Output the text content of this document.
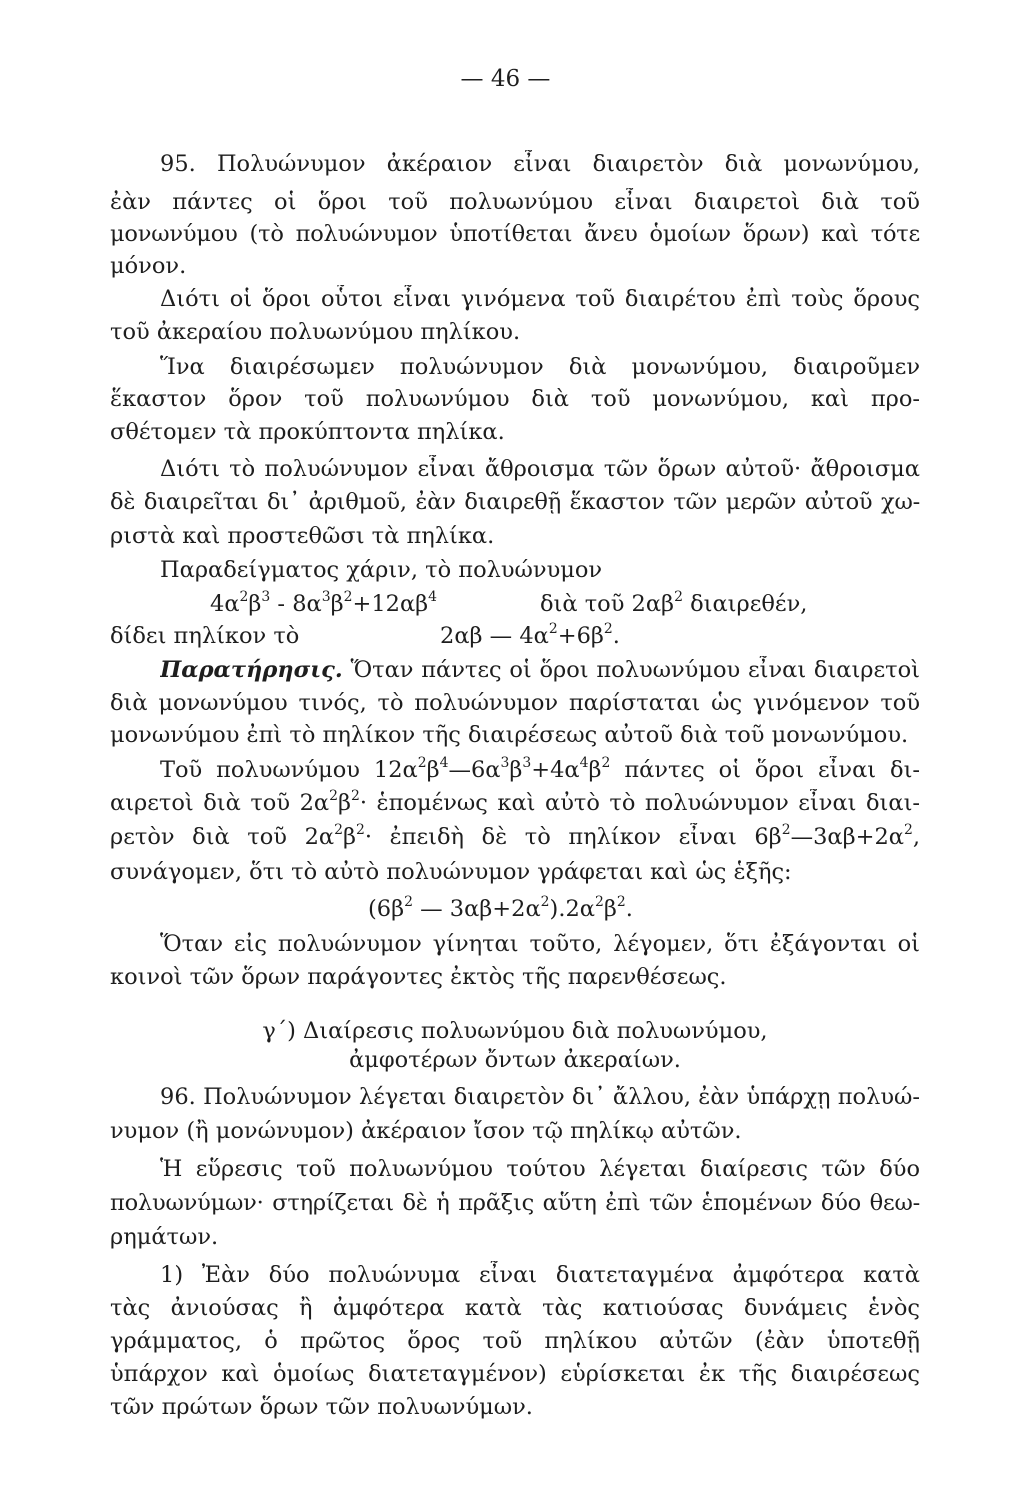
— 46 —
95. Πολυώνυμον ἀκέραιον εἶναι διαιρετὸν διὰ μονωνύμου,
ἐὰν πάντες οἱ ὅροι τοῦ πολυωνύμου εἶναι διαιρετοὶ διὰ τοῦ
μονωνύμου (τὸ πολυώνυμον ὑποτίθεται ἄνευ ὁμοίων ὅρων) καὶ τότε
μόνον.
Διότι οἱ ὅροι οὗτοι εἶναι γινόμενα τοῦ διαιρέτου ἐπὶ τοὺς ὅρους
τοῦ ἀκεραίου πολυωνύμου πηλίκου.
Ἵνα διαιρέσωμεν πολυώνυμον διὰ μονωνύμου, διαιροῦμεν
ἕκαστον ὅρον τοῦ πολυωνύμου διὰ τοῦ μονωνύμου, καὶ προ-
σθέτομεν τὰ προκύπτοντα πηλίκα.
Διότι τὸ πολυώνυμον εἶναι ἄθροισμα τῶν ὅρων αὐτοῦ· ἄθροισμα
δὲ διαιρεῖται δι᾽ ἀριθμοῦ, ἐὰν διαιρεθῇ ἕκαστον τῶν μερῶν αὐτοῦ χω-
ριστὰ καὶ προστεθῶσι τὰ πηλίκα.
Παραδείγματος χάριν, τὸ πολυώνυμον
$4\alpha^2\beta^3 - 8\alpha^3\beta^2+12\alpha\beta^4$	διὰ τοῦ $2\alpha\beta^2$ διαιρεθέν,
δίδει πηλίκον τὸ	2αβ — $4\alpha^2+6\beta^2$.
Παρατήρησις. Ὅταν πάντες οἱ ὅροι πολυωνύμου εἶναι διαιρετοὶ
διὰ μονωνύμου τινός, τὸ πολυώνυμον παρίσταται ὡς γινόμενον τοῦ
μονωνύμου ἐπὶ τὸ πηλίκον τῆς διαιρέσεως αὐτοῦ διὰ τοῦ μονωνύμου.
Τοῦ πολυωνύμου $12\alpha^2\beta^4—6\alpha^3\beta^3+4\alpha^4\beta^2$ πάντες οἱ ὅροι εἶναι δι-
αιρετοὶ διὰ τοῦ $2\alpha^2\beta^2\cdot$ ἑπομένως καὶ αὐτὸ τὸ πολυώνυμον εἶναι διαι-
ρετὸν διὰ τοῦ $2\alpha^2\beta^2\cdot$ ἐπειδὴ δὲ τὸ πηλίκον εἶναι $6\beta^2—3\alpha\beta+2\alpha^2$,
συνάγομεν, ὅτι τὸ αὐτὸ πολυώνυμον γράφεται καὶ ὡς ἑξῆς:
($6\beta^2$ — $3\alpha\beta+2\alpha^2).2\alpha^2\beta^2$.
Ὅταν εἰς πολυώνυμον γίνηται τοῦτο, λέγομεν, ὅτι ἐξάγονται οἱ
κοινοὶ τῶν ὅρων παράγοντες ἐκτὸς τῆς παρενθέσεως.
γ΄) Διαίρεσις πολυωνύμου διὰ πολυωνύμου,
ἀμφοτέρων ὄντων ἀκεραίων.
96. Πολυώνυμον λέγεται διαιρετὸν δι᾽ ἄλλου, ἐὰν ὑπάρχῃ πολυώ-
νυμον (ἢ μονώνυμον) ἀκέραιον ἴσον τῷ πηλίκῳ αὐτῶν.
Ἡ εὕρεσις τοῦ πολυωνύμου τούτου λέγεται διαίρεσις τῶν δύο
πολυωνύμων· στηρίζεται δὲ ἡ πρᾶξις αὕτη ἐπὶ τῶν ἑπομένων δύο θεω-
ρημάτων.
1) Ἐὰν δύο πολυώνυμα εἶναι διατεταγμένα ἀμφότερα κατὰ
τὰς ἀνιούσας ἢ ἀμφότερα κατὰ τὰς κατιούσας δυνάμεις ἑνὸς
γράμματος, ὁ πρῶτος ὅρος τοῦ πηλίκου αὐτῶν (ἐὰν ὑποτεθῇ
ὑπάρχον καὶ ὁμοίως διατεταγμένον) εὑρίσκεται ἐκ τῆς διαιρέσεως
τῶν πρώτων ὅρων τῶν πολυωνύμων.
